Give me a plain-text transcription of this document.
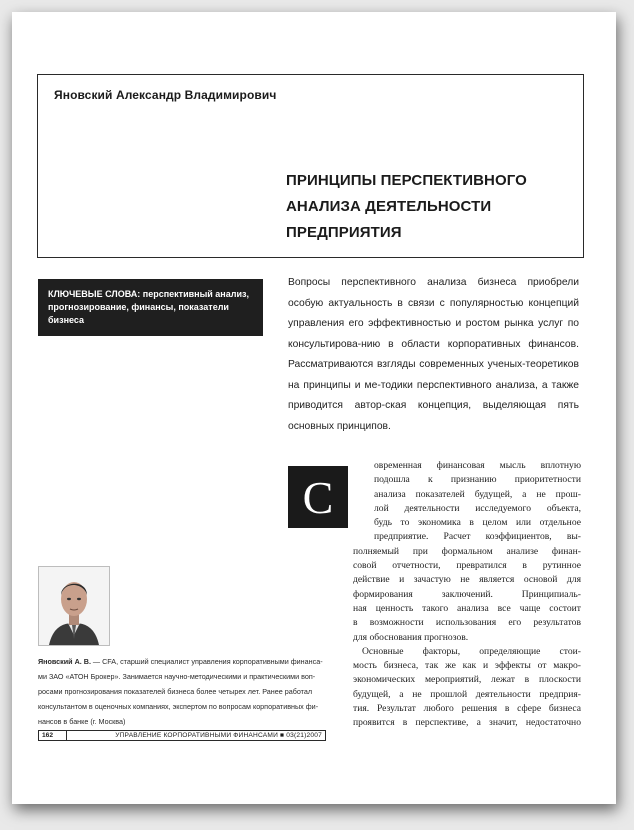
Яновский Александр Владимирович
ПРИНЦИПЫ ПЕРСПЕКТИВНОГО
АНАЛИЗА ДЕЯТЕЛЬНОСТИ
ПРЕДПРИЯТИЯ
КЛЮЧЕВЫЕ СЛОВА: перспективный анализ, прогнозирование, финансы, показатели бизнеса
Вопросы перспективного анализа бизнеса приобрели особую актуальность в связи с популярностью концепций управления его эффективностью и ростом рынка услуг по консультирова-нию в области корпоративных финансов. Рассматриваются взгляды современных ученых-теоретиков на принципы и ме-тодики перспективного анализа, а также приводится автор-ская концепция, выделяющая пять основных принципов.
Яновский А. В. — CFA, старший специалист управления корпоративными финанса-ми ЗАО «АТОН Брокер». Занимается научно-методическими и практическими воп-росами прогнозирования показателей бизнеса более четырех лет. Ранее работал консультантом в оценочных компаниях, экспертом по вопросам корпоративных фи-нансов в банке (г. Москва)
С
овременная финансовая мысль вплотную
подошла к признанию приоритетности
анализа показателей будущей, а не прош-
лой деятельности исследуемого объекта,
будь то экономика в целом или отдельное
предприятие. Расчет коэффициентов, вы-
полняемый при формальном анализе финан-
совой отчетности, превратился в рутинное
действие и зачастую не является основой для
формирования заключений. Принципиаль-
ная ценность такого анализа все чаще состоит
в возможности использования его результатов
для обоснования прогнозов.
Основные факторы, определяющие стои-
мость бизнеса, так же как и эффекты от макро-
экономических мероприятий, лежат в плоскости
будущей, а не прошлой деятельности предприя-
тия. Результат любого решения в сфере бизнеса
проявится в перспективе, а значит, недостаточно
162	УПРАВЛЕНИЕ КОРПОРАТИВНЫМИ ФИНАНСАМИ ■ 03(21)2007
